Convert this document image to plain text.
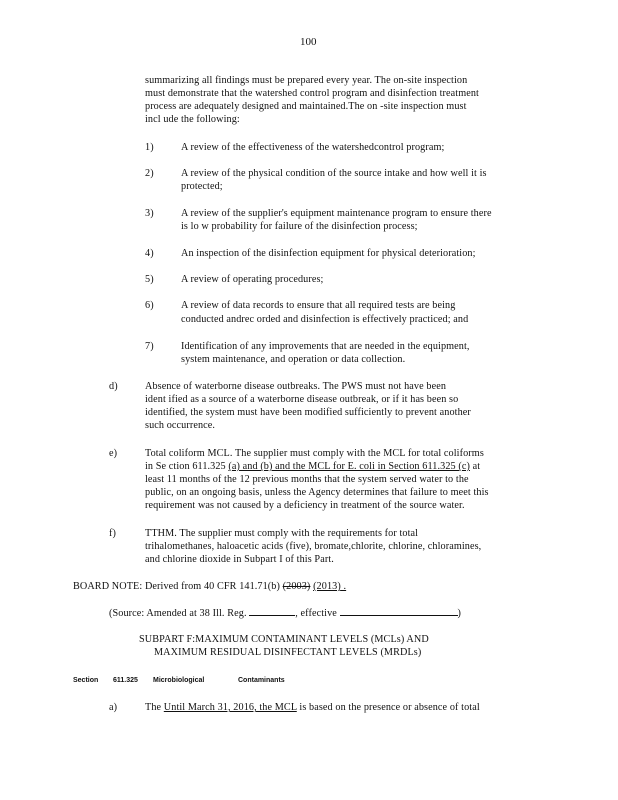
100
summarizing all findings must be prepared every year. The on-site inspection
must demonstrate that the watershed control program and disinfection treatment
process are adequately designed and maintained.The on -site inspection must
incl ude the following:
1)	A review of the effectiveness of the watershedcontrol program;
2)	A review of the physical condition of the source intake and how well it is
protected;
3)	A review of the supplier's equipment maintenance program to ensure there
is lo w probability for failure of the disinfection process;
4)	An inspection of the disinfection equipment for physical deterioration;
5)	A review of operating procedures;
6)	A review of data records to ensure that all required tests are being
conducted andrec orded and disinfection is effectively practiced; and
7)	Identification of any improvements that are needed in the equipment,
system maintenance, and operation or data collection.
d)	Absence of waterborne disease outbreaks. The PWS must not have been
ident ified as a source of a waterborne disease outbreak, or if it has been so
identified, the system must have been modified sufficiently to prevent another
such occurrence.
e)	Total coliform MCL. The supplier must comply with the MCL for total coliforms
in Se ction 611.325 (a) and (b) and the MCL for E. coli in Section 611.325 (c) at
least 11 months of the 12 previous months that the system served water to the
public, on an ongoing basis, unless the Agency determines that failure to meet this
requirement was not caused by a deficiency in treatment of the source water.
f)	TTHM. The supplier must comply with the requirements for total
trihalomethanes, haloacetic acids (five), bromate,chlorite, chlorine, chloramines,
and chlorine dioxide in Subpart I of this Part.
BOARD NOTE: Derived from 40 CFR 141.71(b) (2003) (2013) .
(Source: Amended at 38 Ill. Reg.	, effective	)
SUBPART F:MAXIMUM CONTAMINANT LEVELS (MCLs) AND
MAXIMUM RESIDUAL DISINFECTANT LEVELS (MRDLs)
Section 611.325 Microbiological	Contaminants
a)	The Until March 31, 2016, the MCL is based on the presence or absence of total
